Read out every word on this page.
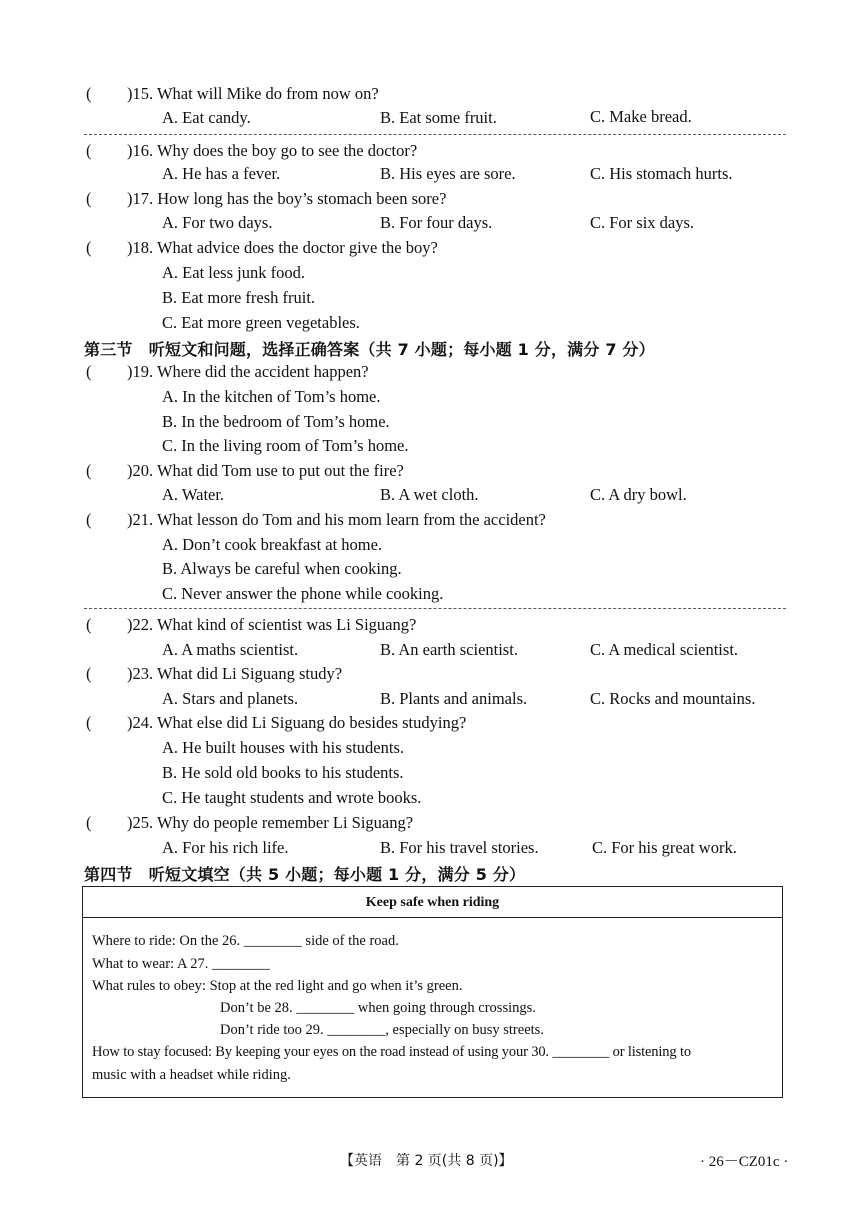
( )15. What will Mike do from now on?
A. Eat candy.	B. Eat some fruit.	C. Make bread.
( )16. Why does the boy go to see the doctor?
A. He has a fever.	B. His eyes are sore.	C. His stomach hurts.
( )17. How long has the boy’s stomach been sore?
A. For two days.	B. For four days.	C. For six days.
( )18. What advice does the doctor give the boy?
A. Eat less junk food.
B. Eat more fresh fruit.
C. Eat more green vegetables.
第三节　听短文和问题，选择正确答案（共 7 小题；每小题 1 分，满分 7 分）
( )19. Where did the accident happen?
A. In the kitchen of Tom’s home.
B. In the bedroom of Tom’s home.
C. In the living room of Tom’s home.
( )20. What did Tom use to put out the fire?
A. Water.	B. A wet cloth.	C. A dry bowl.
( )21. What lesson do Tom and his mom learn from the accident?
A. Don’t cook breakfast at home.
B. Always be careful when cooking.
C. Never answer the phone while cooking.
( )22. What kind of scientist was Li Siguang?
A. A maths scientist.	B. An earth scientist.	C. A medical scientist.
( )23. What did Li Siguang study?
A. Stars and planets.	B. Plants and animals.	C. Rocks and mountains.
( )24. What else did Li Siguang do besides studying?
A. He built houses with his students.
B. He sold old books to his students.
C. He taught students and wrote books.
( )25. Why do people remember Li Siguang?
A. For his rich life.	B. For his travel stories.	C. For his great work.
第四节　听短文填空（共 5 小题；每小题 1 分，满分 5 分）
Keep safe when riding
Where to ride: On the 26. ________ side of the road.
What to wear: A 27. ________
What rules to obey: Stop at the red light and go when it’s green.
Don’t be 28. ________ when going through crossings.
Don’t ride too 29. ________, especially on busy streets.
How to stay focused: By keeping your eyes on the road instead of using your 30. ________ or listening to
music with a headset while riding.
【英语　第 2 页(共 8 页)】	· 26－CZ01c ·
